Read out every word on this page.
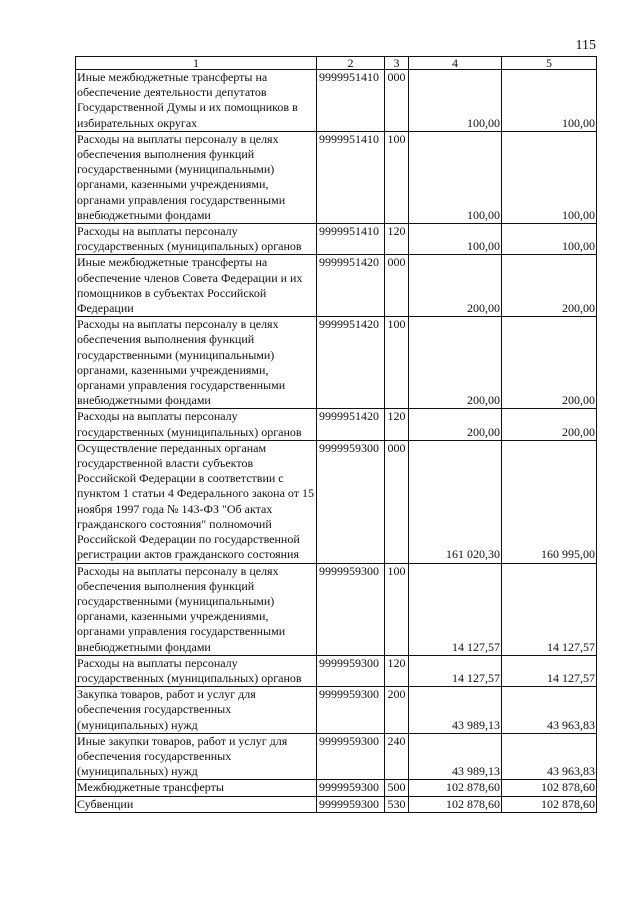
115
1	2	3	4	5
Иные межбюджетные трансферты на обеспечение деятельности депутатов Государственной Думы и их помощников в избирательных округах	9999951410	000	100,00	100,00
Расходы на выплаты персоналу в целях обеспечения выполнения функций государственными (муниципальными) органами, казенными учреждениями, органами управления государственными внебюджетными фондами	9999951410	100	100,00	100,00
Расходы на выплаты персоналу государственных (муниципальных) органов	9999951410	120	100,00	100,00
Иные межбюджетные трансферты на обеспечение членов Совета Федерации и их помощников в субъектах Российской Федерации	9999951420	000	200,00	200,00
Расходы на выплаты персоналу в целях обеспечения выполнения функций государственными (муниципальными) органами, казенными учреждениями, органами управления государственными внебюджетными фондами	9999951420	100	200,00	200,00
Расходы на выплаты персоналу государственных (муниципальных) органов	9999951420	120	200,00	200,00
Осуществление переданных органам государственной власти субъектов Российской Федерации в соответствии с пунктом 1 статьи 4 Федерального закона от 15 ноября 1997 года № 143-ФЗ "Об актах гражданского состояния" полномочий Российской Федерации по государственной регистрации актов гражданского состояния	9999959300	000	161 020,30	160 995,00
Расходы на выплаты персоналу в целях обеспечения выполнения функций государственными (муниципальными) органами, казенными учреждениями, органами управления государственными внебюджетными фондами	9999959300	100	14 127,57	14 127,57
Расходы на выплаты персоналу государственных (муниципальных) органов	9999959300	120	14 127,57	14 127,57
Закупка товаров, работ и услуг для обеспечения государственных (муниципальных) нужд	9999959300	200	43 989,13	43 963,83
Иные закупки товаров, работ и услуг для обеспечения государственных (муниципальных) нужд	9999959300	240	43 989,13	43 963,83
Межбюджетные трансферты	9999959300	500	102 878,60	102 878,60
Субвенции	9999959300	530	102 878,60	102 878,60
